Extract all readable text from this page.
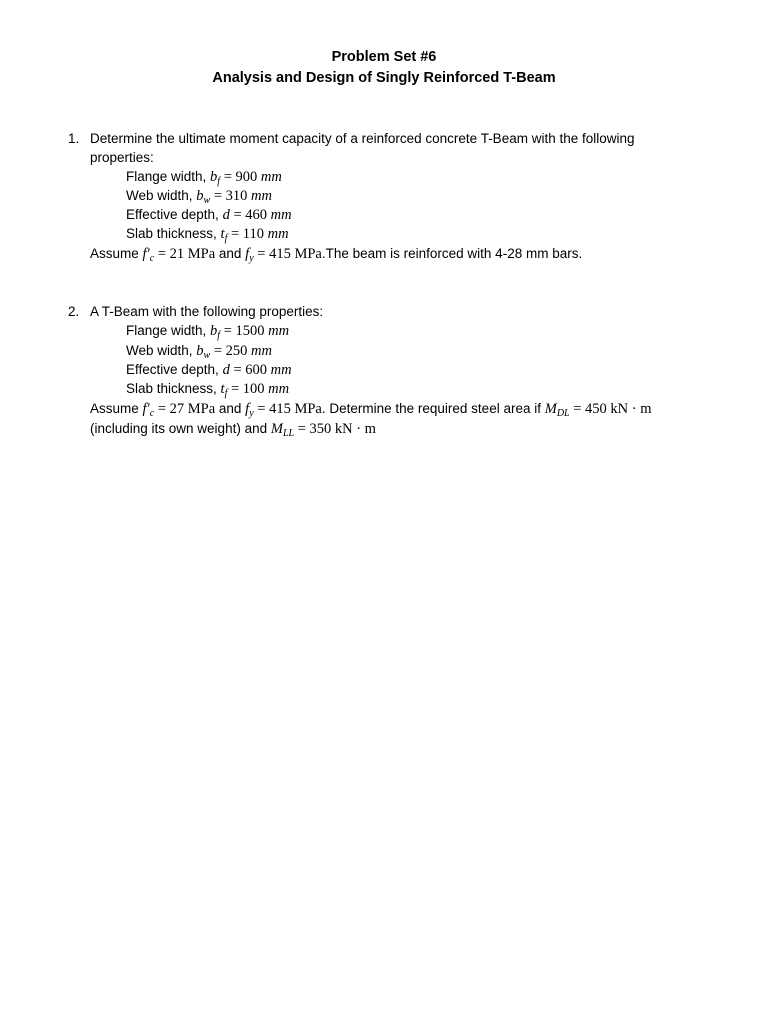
Problem Set #6
Analysis and Design of Singly Reinforced T-Beam
1. Determine the ultimate moment capacity of a reinforced concrete T-Beam with the following
properties:
Flange width, $b_f = 900$ mm
Web width, $b_w = 310$ mm
Effective depth, d = 460 mm
Slab thickness, $t_f = 110$ mm
Assume $f'_c = 21$ MPa and $f_y = 415$ MPa.The beam is reinforced with 4-28 mm bars.
2. A T-Beam with the following properties:
Flange width, $b_f = 1500$ mm
Web width, $b_w = 250$ mm
Effective depth, d = 600 mm
Slab thickness, $t_f = 100$ mm
Assume $f'_c = 27$ MPa and $f_y = 415$ MPa. Determine the required steel area if $M_{DL} = 450$ kN · m
(including its own weight) and $M_{LL} = 350$ kN · m
